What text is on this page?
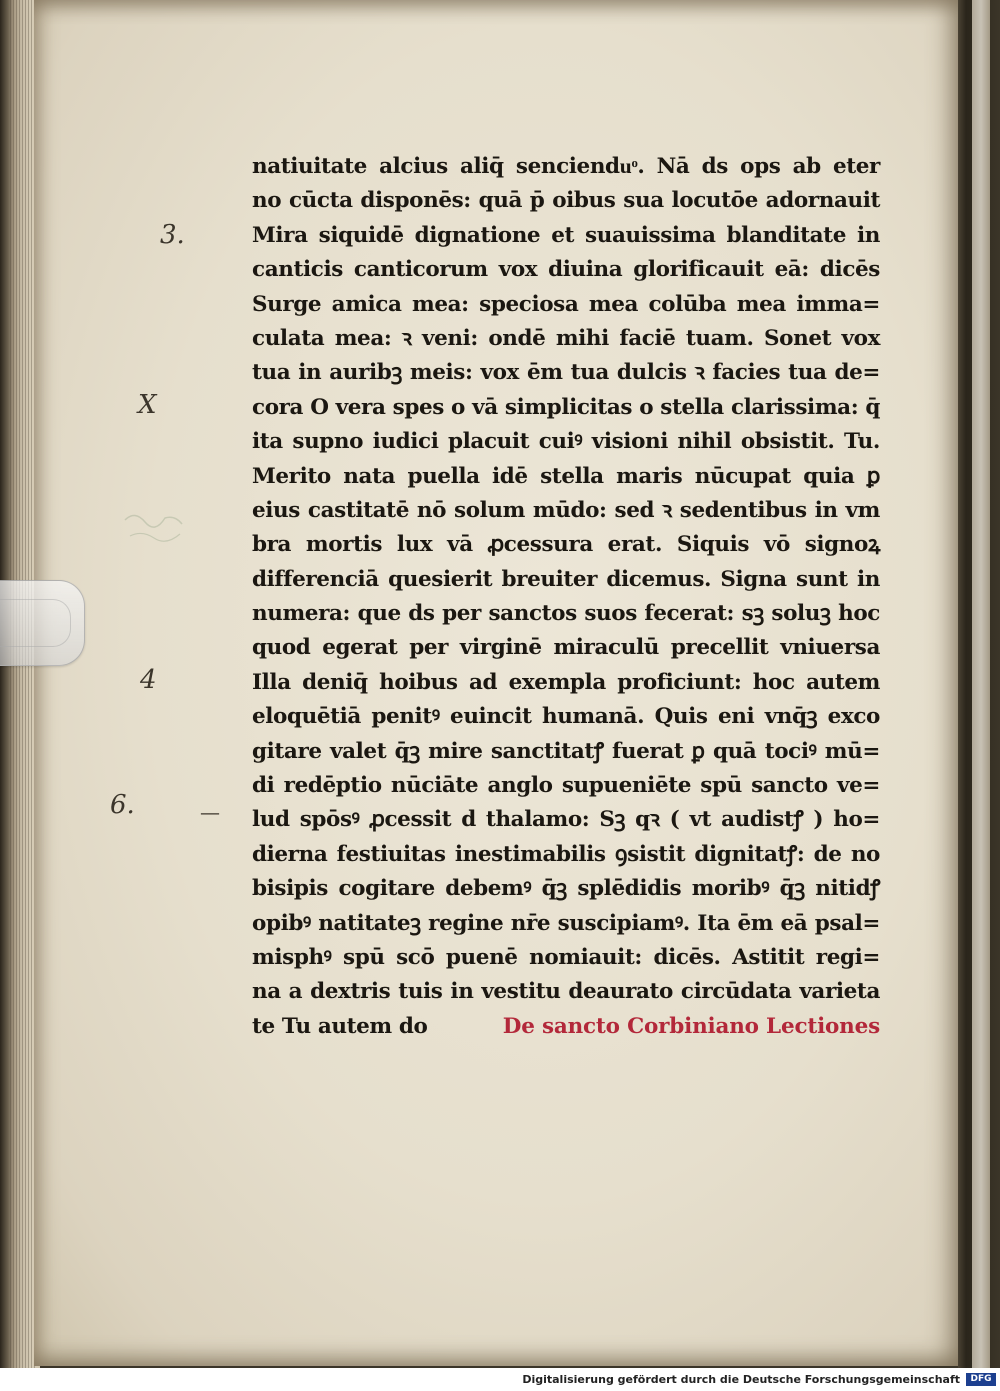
3.
X
4
6.	—
natiuitate alcius aliq̄ sencienduͦ. Nā ds ops ab eter
no cūcta disponēs: quā p̄ oibus sua locutōe adornauit
Mira siquidē dignatione et suauissima blanditate in
canticis canticorum vox diuina glorificauit eā: dicēs
Surge amica mea: speciosa mea colūba mea imma=
culata mea: ꝛ veni: ondē mihi faciē tuam. Sonet vox
tua in auribꝫ meis: vox ēm tua dulcis ꝛ facies tua de=
cora O vera spes o vā simplicitas o stella clarissima: q̄
ita supno iudici placuit cuiꝰ visioni nihil obsistit. Tu.
Merito nata puella idē stella maris nūcupat quia ꝑ
eius castitatē nō solum mūdo: sed ꝛ sedentibus in vm
bra mortis lux vā ꝓcessura erat. Siquis vō signoꝝ
differenciā quesierit breuiter dicemus. Signa sunt in
numera: que ds per sanctos suos fecerat: sꝫ soluꝫ hoc
quod egerat per virginē miraculū precellit vniuersa
Illa deniq̄ hoibus ad exempla proficiunt: hoc autem
eloquētiā penitꝰ euincit humanā. Quis eni vnq̄ꝫ exco
gitare valet q̄ꝫ mire sanctitatꝭ fuerat ꝑ quā tociꝰ mū=
di redēptio nūciāte anglo supueniēte spū sancto ve=
lud spōsꝰ ꝓcessit d thalamo: Sꝫ qꝛ ( vt audistꝭ ) ho=
dierna festiuitas inestimabilis ꝯsistit dignitatꝭ: de no
bisipis cogitare debemꝰ q̄ꝫ splēdidis moribꝰ q̄ꝫ nitidꝭ
opibꝰ natitateꝫ regine nr̄e suscipiamꝰ. Ita ēm eā psal=
misphꝰ spū scō puenē nomiauit: dicēs. Astitit regi=
na a dextris tuis in vestitu deaurato circūdata varieta
te Tu autem do	De sancto Corbiniano Lectiones
Digitalisierung gefördert durch die Deutsche Forschungsgemeinschaft	DFG
